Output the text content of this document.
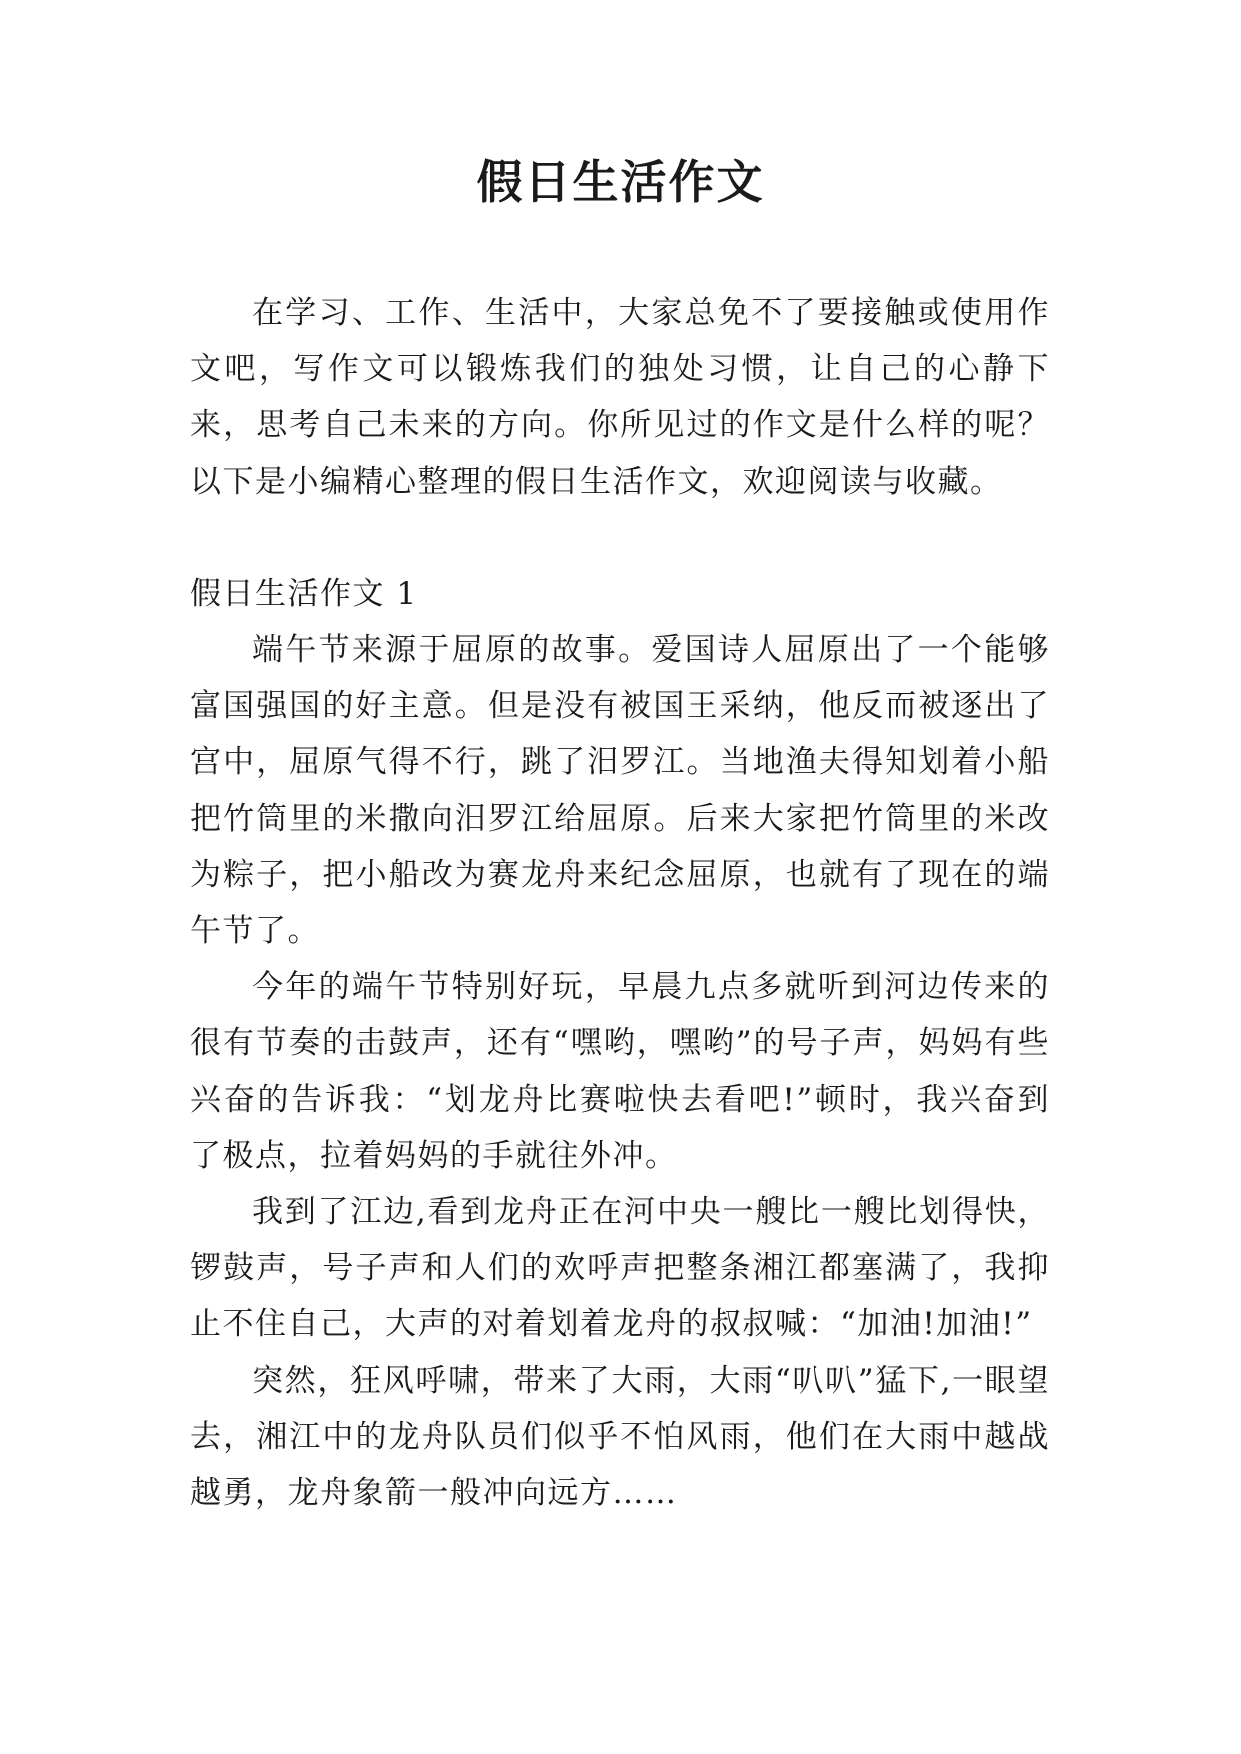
假日生活作文

在学习、工作、生活中，大家总免不了要接触或使用作文吧，写作文可以锻炼我们的独处习惯，让自己的心静下来，思考自己未来的方向。你所见过的作文是什么样的呢？以下是小编精心整理的假日生活作文，欢迎阅读与收藏。

假日生活作文 1

端午节来源于屈原的故事。爱国诗人屈原出了一个能够富国强国的好主意。但是没有被国王采纳，他反而被逐出了宫中，屈原气得不行，跳了汨罗江。当地渔夫得知划着小船把竹筒里的米撒向汨罗江给屈原。后来大家把竹筒里的米改为粽子，把小船改为赛龙舟来纪念屈原，也就有了现在的端午节了。

今年的端午节特别好玩，早晨九点多就听到河边传来的很有节奏的击鼓声，还有“嘿哟，嘿哟”的号子声，妈妈有些兴奋的告诉我：“划龙舟比赛啦快去看吧!”顿时，我兴奋到了极点，拉着妈妈的手就往外冲。

我到了江边,看到龙舟正在河中央一艘比一艘比划得快，锣鼓声，号子声和人们的欢呼声把整条湘江都塞满了，我抑止不住自己，大声的对着划着龙舟的叔叔喊：“加油!加油!”

突然，狂风呼啸，带来了大雨，大雨“叭叭”猛下,一眼望去，湘江中的龙舟队员们似乎不怕风雨，他们在大雨中越战越勇，龙舟象箭一般冲向远方……
